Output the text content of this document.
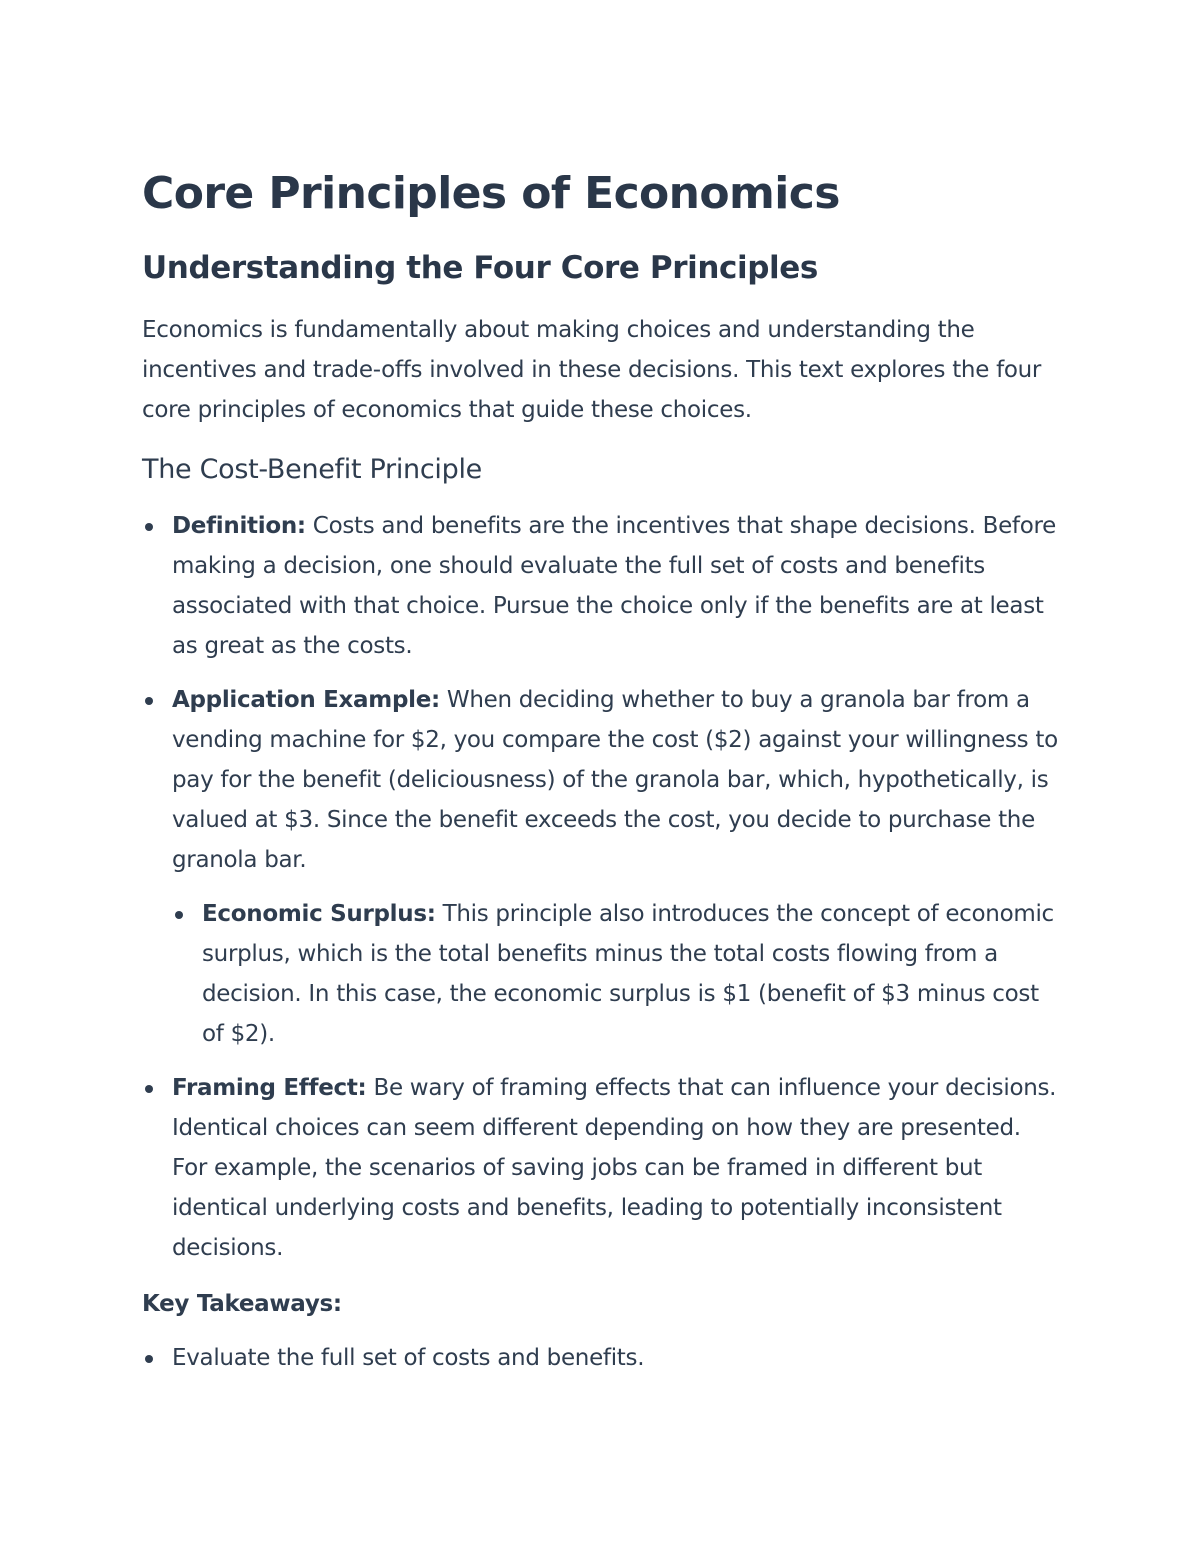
Core Principles of Economics
Understanding the Four Core Principles

Economics is fundamentally about making choices and understanding the incentives and trade-offs involved in these decisions. This text explores the four core principles of economics that guide these choices.

The Cost-Benefit Principle
Definition: Costs and benefits are the incentives that shape decisions. Before making a decision, one should evaluate the full set of costs and benefits associated with that choice. Pursue the choice only if the benefits are at least as great as the costs.
Application Example: When deciding whether to buy a granola bar from a vending machine for $2, you compare the cost ($2) against your willingness to pay for the benefit (deliciousness) of the granola bar, which, hypothetically, is valued at $3. Since the benefit exceeds the cost, you decide to purchase the granola bar.
Economic Surplus: This principle also introduces the concept of economic surplus, which is the total benefits minus the total costs flowing from a decision. In this case, the economic surplus is $1 (benefit of $3 minus cost of $2).
Framing Effect: Be wary of framing effects that can influence your decisions. Identical choices can seem different depending on how they are presented. For example, the scenarios of saving jobs can be framed in different but identical underlying costs and benefits, leading to potentially inconsistent decisions.

Key Takeaways:

Evaluate the full set of costs and benefits.
